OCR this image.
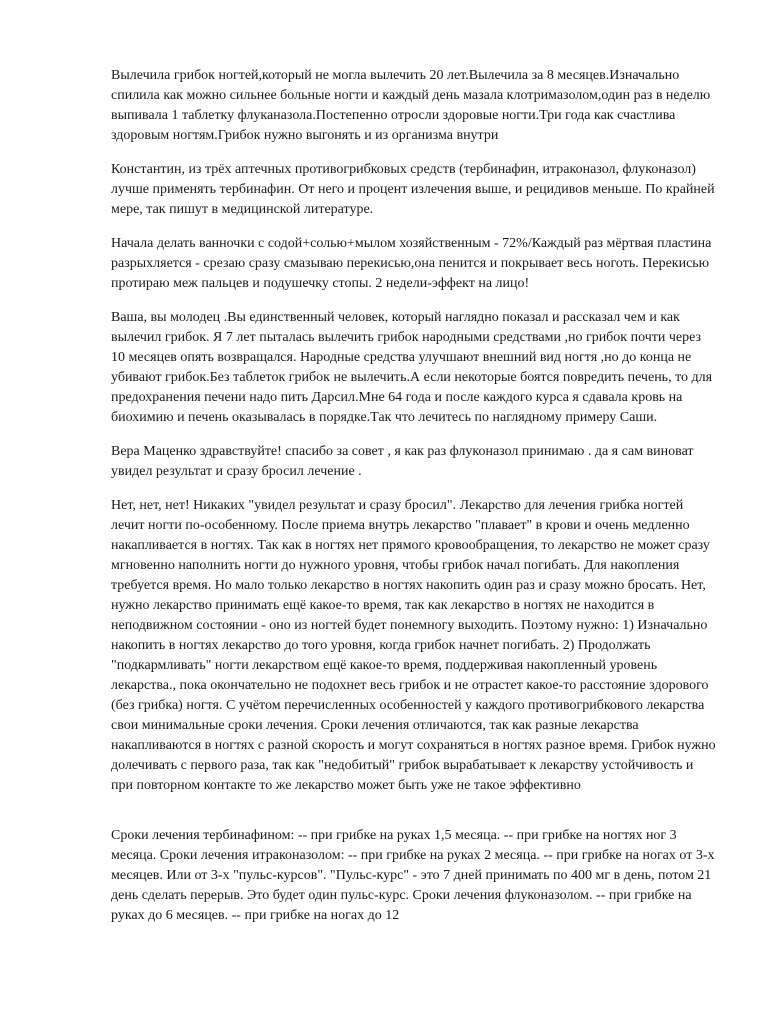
Вылечила грибок ногтей,который не могла вылечить 20 лет.Вылечила за 8 месяцев.Изначально спилила как можно сильнее больные ногти и каждый день мазала клотримазолом,один раз в неделю выпивала 1 таблетку флуканазола.Постепенно отросли здоровые ногти.Три года как счастлива здоровым ногтям.Грибок нужно выгонять и из организма внутри

Константин, из трёх аптечных противогрибковых средств (тербинафин, итраконазол, флуконазол) лучше применять тербинафин. От него и процент излечения выше, и рецидивов меньше. По крайней мере, так пишут в медицинской литературе.

Начала делать ванночки с содой+солью+мылом хозяйственным - 72%/Каждый раз мёртвая пластина разрыхляется - срезаю сразу смазываю перекисью,она пенится и покрывает весь ноготь. Перекисью протираю меж пальцев и подушечку стопы. 2 недели-эффект на лицо!

Ваша, вы молодец .Вы единственный человек, который наглядно показал и рассказал чем и как вылечил грибок. Я 7 лет пыталась вылечить грибок народными средствами ,но грибок почти через 10 месяцев опять возвращался. Народные средства улучшают внешний вид ногтя ,но до конца не убивают грибок.Без таблеток грибок не вылечить.А если некоторые боятся повредить печень, то для предохранения печени надо пить Дарсил.Мне 64 года и после каждого курса я сдавала кровь на биохимию и печень оказывалась в порядке.Так что лечитесь по наглядному примеру Саши.

Вера Маценко здравствуйте! спасибо за совет , я как раз флуконазол принимаю . да я сам виноват увидел результат и сразу бросил лечение .

Нет, нет, нет! Никаких "увидел результат и сразу бросил". Лекарство для лечения грибка ногтей лечит ногти по-особенному. После приема внутрь лекарство "плавает" в крови и очень медленно накапливается в ногтях. Так как в ногтях нет прямого кровообращения, то лекарство не может сразу мгновенно наполнить ногти до нужного уровня, чтобы грибок начал погибать. Для накопления требуется время. Но мало только лекарство в ногтях накопить один раз и сразу можно бросать. Нет, нужно лекарство принимать ещё какое-то время, так как лекарство в ногтях не находится в неподвижном состоянии - оно из ногтей будет понемногу выходить. Поэтому нужно: 1) Изначально накопить в ногтях лекарство до того уровня, когда грибок начнет погибать. 2) Продолжать "подкармливать" ногти лекарством ещё какое-то время, поддерживая накопленный уровень лекарства., пока окончательно не подохнет весь грибок и не отрастет какое-то расстояние здорового (без грибка) ногтя. С учётом перечисленных особенностей у каждого противогрибкового лекарства свои минимальные сроки лечения. Сроки лечения отличаются, так как разные лекарства накапливаются в ногтях с разной скорость и могут сохраняться в ногтях разное время. Грибок нужно долечивать с первого раза, так как "недобитый" грибок вырабатывает к лекарству устойчивость и при повторном контакте то же лекарство может быть уже не такое эффективно

Сроки лечения тербинафином: -- при грибке на руках 1,5 месяца. -- при грибке на ногтях ног 3 месяца. Сроки лечения итраконазолом: -- при грибке на руках 2 месяца. -- при грибке на ногах от 3-х месяцев. Или от 3-х "пульс-курсов". "Пульс-курс" - это 7 дней принимать по 400 мг в день, потом 21 день сделать перерыв. Это будет один пульс-курс. Сроки лечения флуконазолом. -- при грибке на руках до 6 месяцев. -- при грибке на ногах до 12
